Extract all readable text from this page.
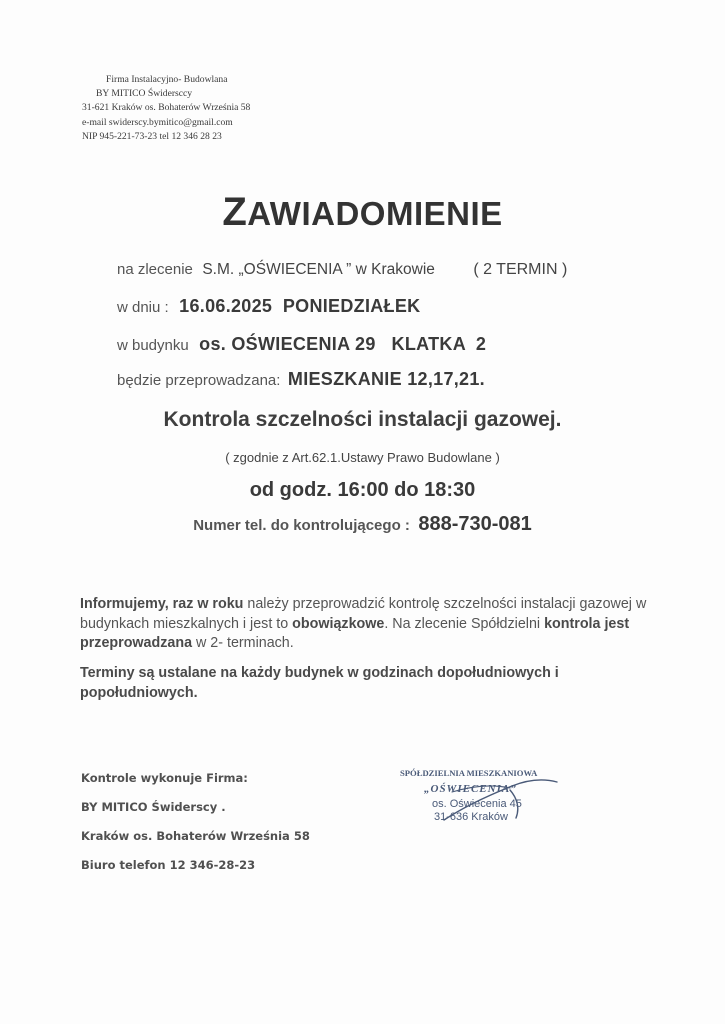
Firma Instalacyjno- Budowlana
BY MITICO Świdersccy
31-621 Kraków os. Bohaterów Września 58
e-mail swiderscy.bymitico@gmail.com
NIP 945-221-73-23 tel 12 346 28 23
ZAWIADOMIENIE
na zlecenie S.M. „OŚWIECENIA ” w Krakowie ( 2 TERMIN )
w dniu : 16.06.2025  PONIEDZIAŁEK
w budynku os. OŚWIECENIA 29   KLATKA  2
będzie przeprowadzana: MIESZKANIE 12,17,21.
Kontrola szczelności instalacji gazowej.
( zgodnie z Art.62.1.Ustawy Prawo Budowlane )
od godz. 16:00 do 18:30
Numer tel. do kontrolującego : 888-730-081
Informujemy, raz w roku należy przeprowadzić kontrolę szczelności instalacji gazowej w budynkach mieszkalnych i jest to obowiązkowe. Na zlecenie Spółdzielni kontrola jest przeprowadzana w 2- terminach.
Terminy są ustalane na każdy budynek w godzinach dopołudniowych i popołudniowych.
Kontrole wykonuje Firma:
BY MITICO Świderscy .
Kraków os. Bohaterów Września 58
Biuro telefon 12 346-28-23
SPÓŁDZIELNIA MIESZKANIOWA
„OŚWIECENIA”
os. Oświecenia 45
31-636 Kraków
